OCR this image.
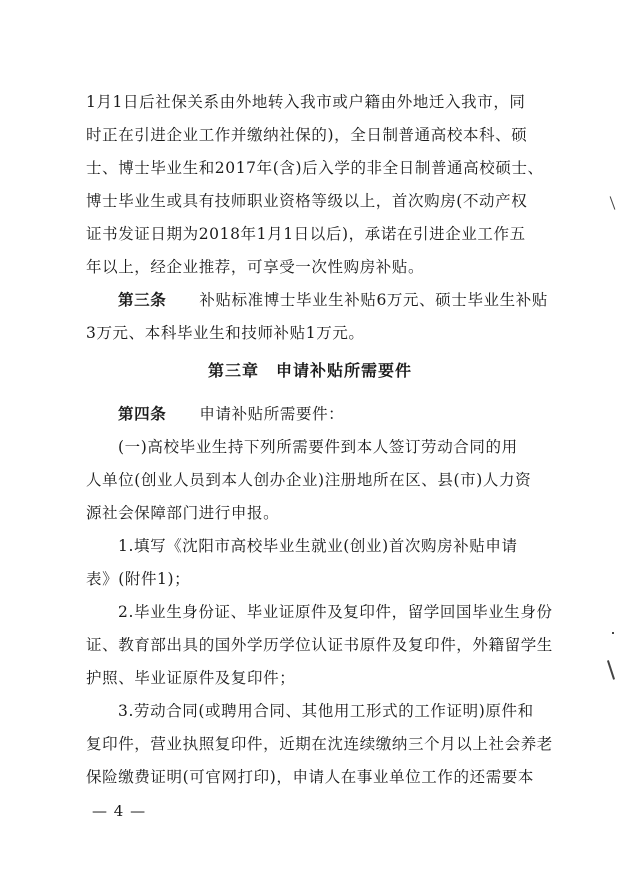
1月1日后社保关系由外地转入我市或户籍由外地迁入我市，同
时正在引进企业工作并缴纳社保的)，全日制普通高校本科、硕
士、博士毕业生和2017年(含)后入学的非全日制普通高校硕士、
博士毕业生或具有技师职业资格等级以上，首次购房(不动产权
证书发证日期为2018年1月1日以后)，承诺在引进企业工作五
年以上，经企业推荐，可享受一次性购房补贴。
第三条 补贴标准博士毕业生补贴6万元、硕士毕业生补贴
3万元、本科毕业生和技师补贴1万元。
第三章　申请补贴所需要件
第四条 申请补贴所需要件：
(一)高校毕业生持下列所需要件到本人签订劳动合同的用
人单位(创业人员到本人创办企业)注册地所在区、县(市)人力资
源社会保障部门进行申报。
1.填写《沈阳市高校毕业生就业(创业)首次购房补贴申请
表》(附件1)；
2.毕业生身份证、毕业证原件及复印件，留学回国毕业生身份
证、教育部出具的国外学历学位认证书原件及复印件，外籍留学生
护照、毕业证原件及复印件；
3.劳动合同(或聘用合同、其他用工形式的工作证明)原件和
复印件，营业执照复印件，近期在沈连续缴纳三个月以上社会养老
保险缴费证明(可官网打印)，申请人在事业单位工作的还需要本
— 4 —
